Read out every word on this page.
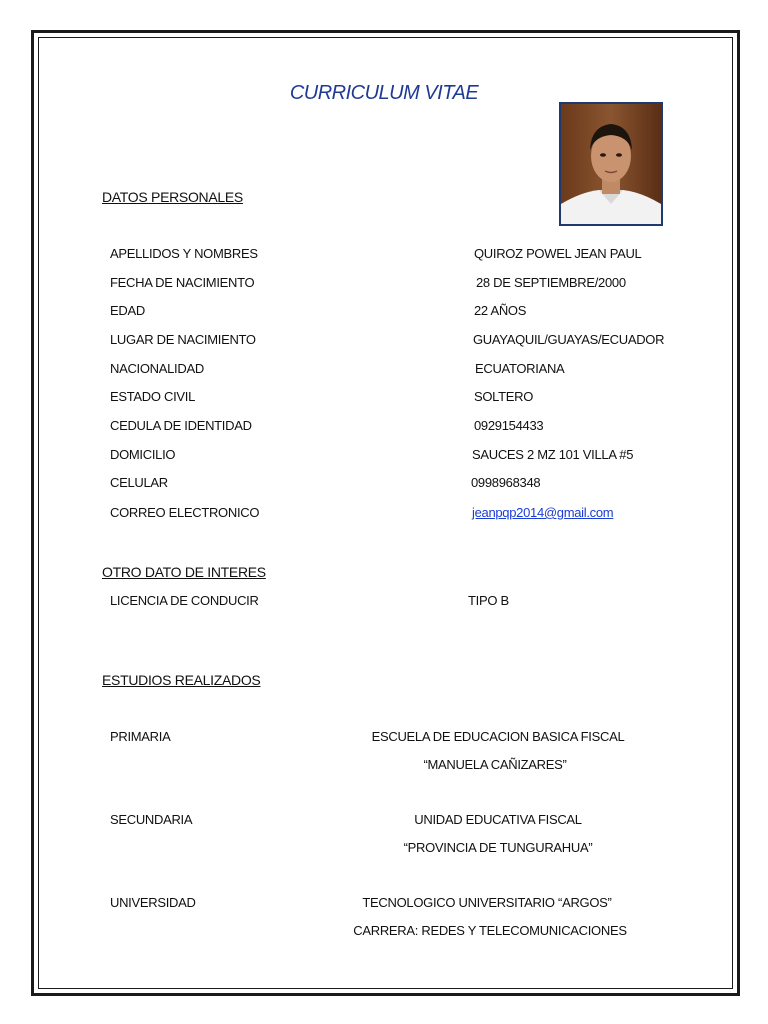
CURRICULUM VITAE
DATOS PERSONALES
APELLIDOS Y NOMBRES	QUIROZ POWEL JEAN PAUL
FECHA DE NACIMIENTO	28 DE SEPTIEMBRE/2000
EDAD	22 AÑOS
LUGAR DE NACIMIENTO	GUAYAQUIL/GUAYAS/ECUADOR
NACIONALIDAD	ECUATORIANA
ESTADO CIVIL	SOLTERO
CEDULA DE IDENTIDAD	0929154433
DOMICILIO	SAUCES 2 MZ 101 VILLA #5
CELULAR	0998968348
CORREO ELECTRONICO	jeanpqp2014@gmail.com
OTRO DATO DE INTERES
LICENCIA DE CONDUCIR	TIPO B
ESTUDIOS REALIZADOS
PRIMARIA	ESCUELA DE EDUCACION BASICA FISCAL
“MANUELA CAÑIZARES”
SECUNDARIA	UNIDAD EDUCATIVA FISCAL
“PROVINCIA DE TUNGURAHUA”
UNIVERSIDAD	TECNOLOGICO UNIVERSITARIO “ARGOS”
CARRERA: REDES Y TELECOMUNICACIONES
